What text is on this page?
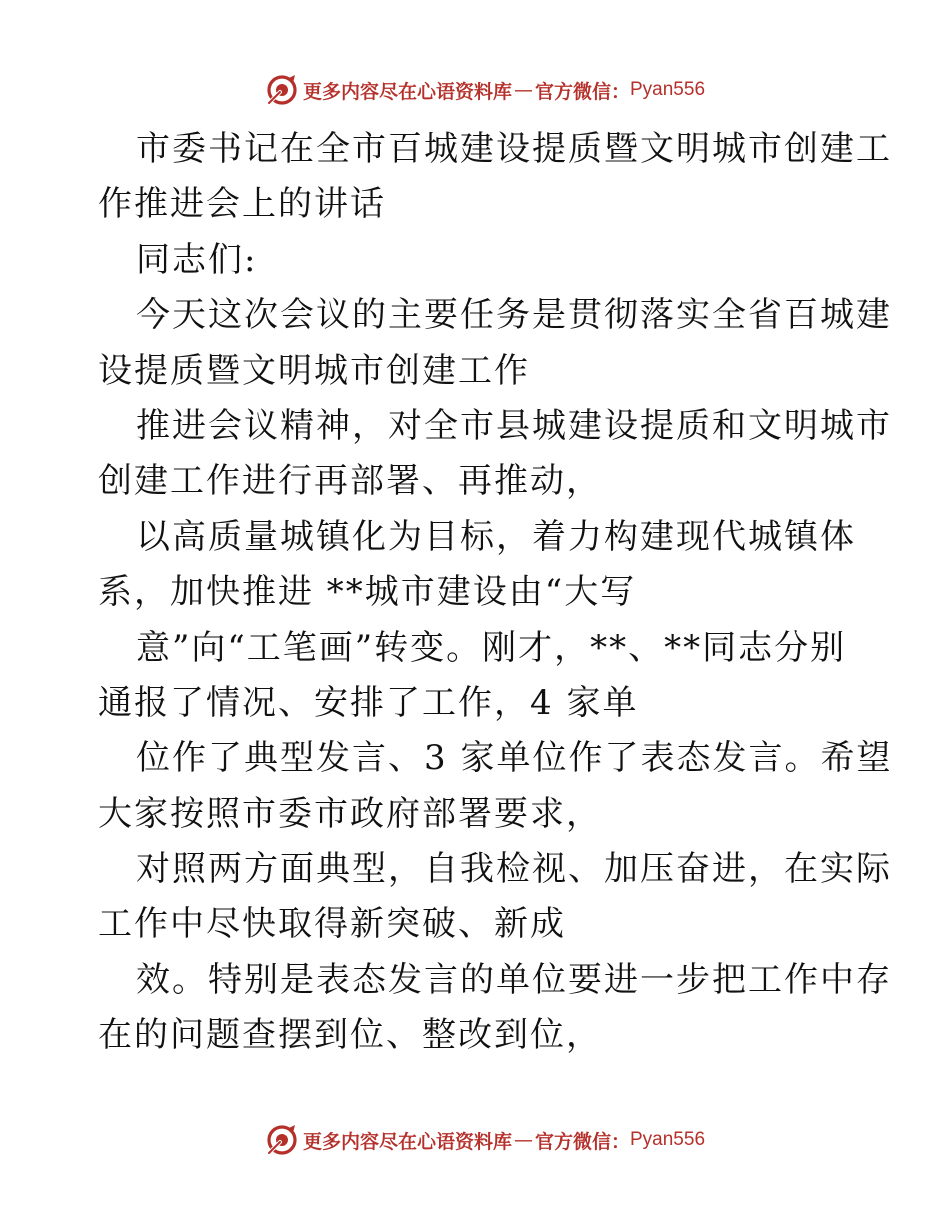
更多内容尽在心语资料库 — 官方微信： Pyan556
市委书记在全市百城建设提质暨文明城市创建工
作推进会上的讲话
同志们:
今天这次会议的主要任务是贯彻落实全省百城建
设提质暨文明城市创建工作
推进会议精神，对全市县城建设提质和文明城市
创建工作进行再部署、再推动，
以高质量城镇化为目标，着力构建现代城镇体
系，加快推进 **城市建设由“大写
意”向“工笔画”转变。刚才，**、**同志分别
通报了情况、安排了工作，4 家单
位作了典型发言、3 家单位作了表态发言。希望
大家按照市委市政府部署要求，
对照两方面典型，自我检视、加压奋进，在实际
工作中尽快取得新突破、新成
效。特别是表态发言的单位要进一步把工作中存
在的问题查摆到位、整改到位，
更多内容尽在心语资料库 — 官方微信： Pyan556
